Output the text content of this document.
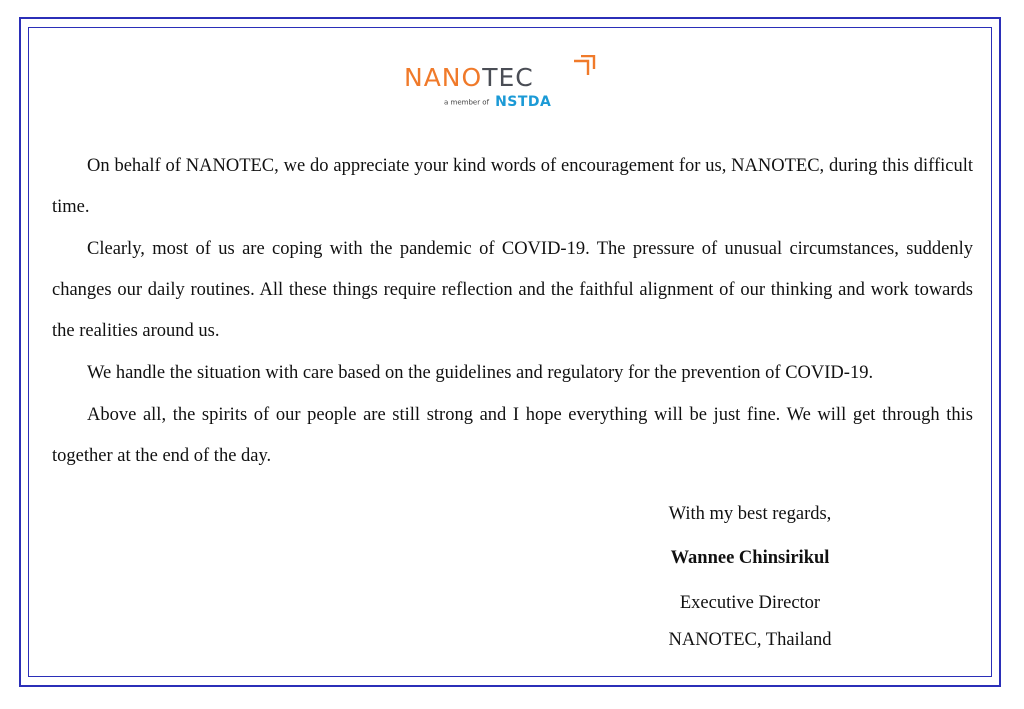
NANOTEC
a member of NSTDA

On behalf of NANOTEC, we do appreciate your kind words of encouragement for us, NANOTEC, during this difficult time.

Clearly, most of us are coping with the pandemic of COVID-19. The pressure of unusual circumstances, suddenly changes our daily routines. All these things require reflection and the faithful alignment of our thinking and work towards the realities around us.

We handle the situation with care based on the guidelines and regulatory for the prevention of COVID-19.

Above all, the spirits of our people are still strong and I hope everything will be just fine. We will get through this together at the end of the day.

With my best regards,
Wannee Chinsirikul
Executive Director
NANOTEC, Thailand
